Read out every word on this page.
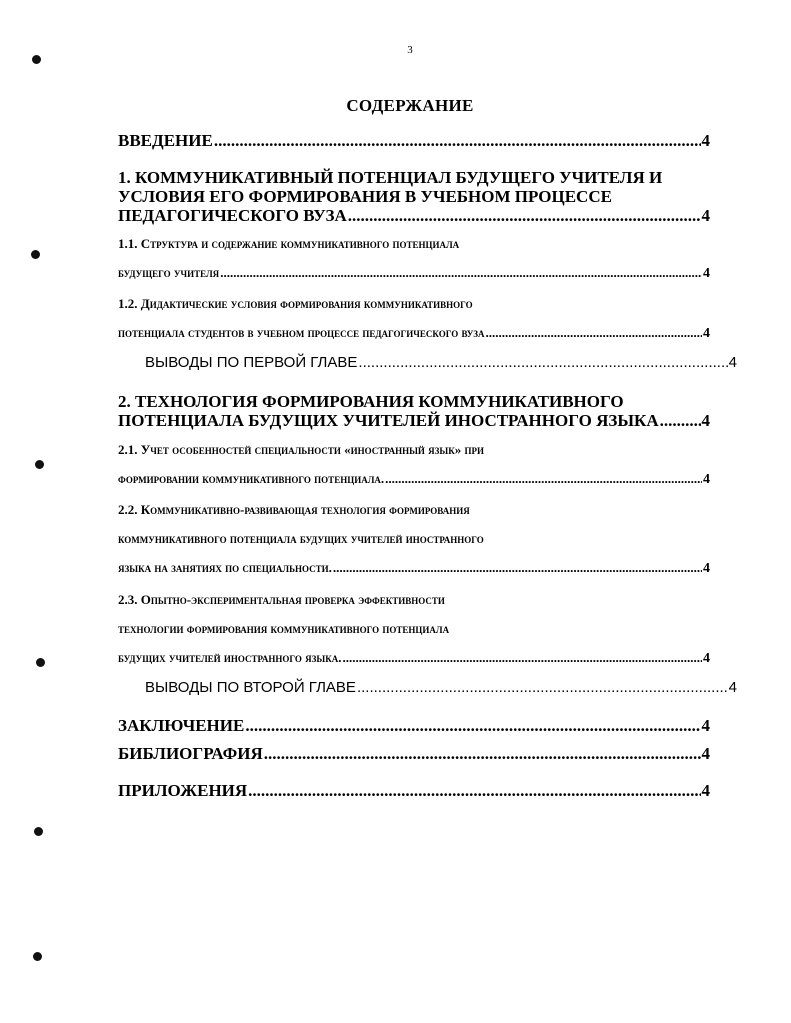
3
СОДЕРЖАНИЕ
ВВЕДЕНИЕ .....	4
1. КОММУНИКАТИВНЫЙ ПОТЕНЦИАЛ БУДУЩЕГО УЧИТЕЛЯ И
УСЛОВИЯ ЕГО ФОРМИРОВАНИЯ В УЧЕБНОМ ПРОЦЕССЕ
ПЕДАГОГИЧЕСКОГО ВУЗА .....	4
1.1. Структура и содержание коммуникативного потенциала
будущего учителя .....	4
1.2. Дидактические условия формирования коммуникативного
потенциала студентов в учебном процессе педагогического вуза .....	4
ВЫВОДЫ ПО ПЕРВОЙ ГЛАВЕ .....	4
2. ТЕХНОЛОГИЯ ФОРМИРОВАНИЯ КОММУНИКАТИВНОГО
ПОТЕНЦИАЛА БУДУЩИХ УЧИТЕЛЕЙ ИНОСТРАННОГО ЯЗЫКА .....	4
2.1. Учет особенностей специальности «иностранный язык» при
формировании коммуникативного потенциала. .....	4
2.2. Коммуникативно-развивающая технология формирования
коммуникативного потенциала будущих учителей иностранного
языка на занятиях по специальности. .....	4
2.3. Опытно-экспериментальная проверка эффективности
технологии формирования коммуникативного потенциала
будущих учителей иностранного языка. .....	4
ВЫВОДЫ ПО ВТОРОЙ ГЛАВЕ .....	4
ЗАКЛЮЧЕНИЕ .....	4
БИБЛИОГРАФИЯ .....	4
ПРИЛОЖЕНИЯ .....	4
